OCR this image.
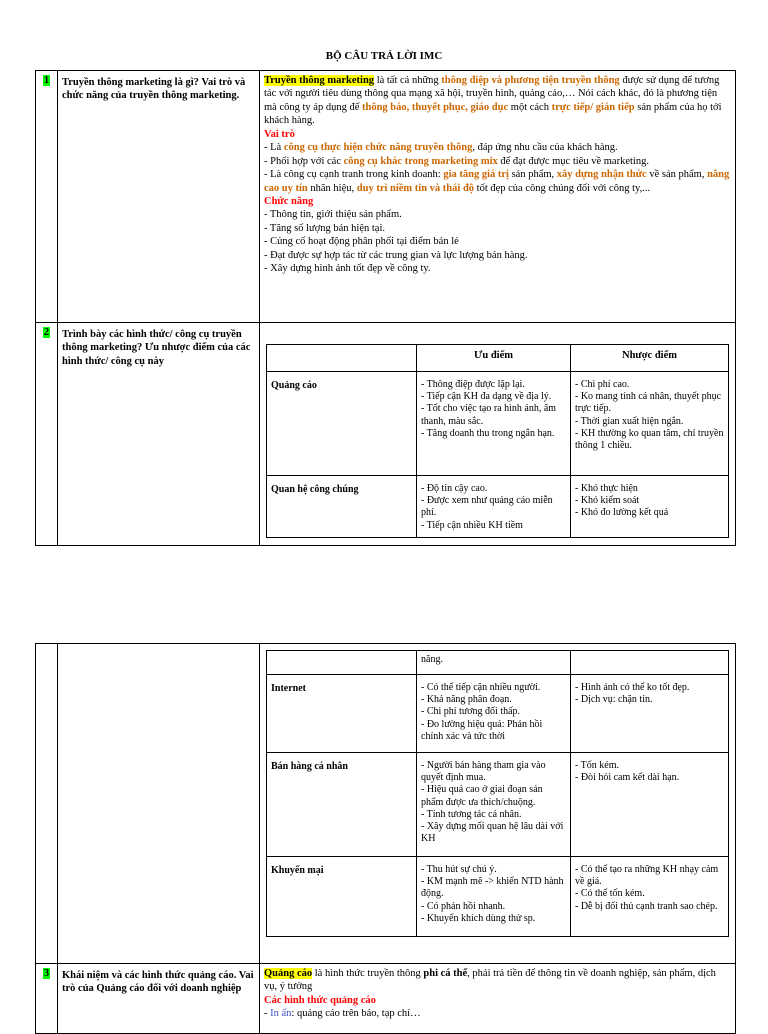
BỘ CÂU TRẢ LỜI IMC
1	Truyền thông marketing là gì? Vai trò và chức năng của truyền thông marketing.	
Truyền thông marketing là tất cả những thông điệp và phương tiện truyền thông được sử dụng để tương tác với người tiêu dùng thông qua mạng xã hội, truyền hình, quảng cáo,… Nói cách khác, đó là phương tiện mà công ty áp dụng để thông báo, thuyết phục, giáo dục một cách trực tiếp/ gián tiếp sản phẩm của họ tới khách hàng.
Vai trò
- Là công cụ thực hiện chức năng truyền thông, đáp ứng nhu cầu của khách hàng.
- Phối hợp với các công cụ khác trong marketing mix để đạt được mục tiêu về marketing.
- Là công cụ cạnh tranh trong kinh doanh: gia tăng giá trị sản phẩm, xây dựng nhận thức về sản phẩm, nâng cao uy tín nhãn hiệu, duy trì niềm tin và thái độ tốt đẹp của công chúng đối với công ty,...
Chức năng
- Thông tin, giới thiệu sản phẩm.
- Tăng số lượng bán hiện tại.
- Củng cố hoạt động phân phối tại điểm bán lẻ
- Đạt được sự hợp tác từ các trung gian và lực lượng bán hàng.
- Xây dựng hình ảnh tốt đẹp về công ty.

2	Trình bày các hình thức/ công cụ truyền thông marketing? Ưu nhược điểm của các hình thức/ công cụ này	
	Ưu điểm	Nhược điểm
Quảng cáo	- Thông điệp được lặp lại.
- Tiếp cận KH đa dạng về địa lý.
- Tốt cho việc tạo ra hình ảnh, âm thanh, màu sắc.
- Tăng doanh thu trong ngắn hạn.	- Chi phí cao.
- Ko mang tính cá nhân, thuyết phục trực tiếp.
- Thời gian xuất hiện ngắn.
- KH thường ko quan tâm, chỉ truyền thông 1 chiều.
Quan hệ công chúng	- Độ tin cậy cao.
- Được xem như quảng cáo miễn phí.
- Tiếp cận nhiều KH tiềm	- Khó thực hiện
- Khó kiểm soát
- Khó đo lường kết quả

	năng.	
Internet	- Có thể tiếp cận nhiều người.
- Khả năng phân đoạn.
- Chi phí tương đối thấp.
- Đo lường hiệu quả: Phản hồi chính xác và tức thời	- Hình ảnh có thể ko tốt đẹp.
- Dịch vụ: chặn tin.
Bán hàng cá nhân	- Người bán hàng tham gia vào quyết định mua.
- Hiệu quả cao ở giai đoạn sản phẩm được ưa thích/chuộng.
- Tính tương tác cá nhân.
- Xây dựng mối quan hệ lâu dài với KH	- Tốn kém.
- Đòi hỏi cam kết dài hạn.
Khuyến mại	- Thu hút sự chú ý.
- KM mạnh mẽ -> khiến NTD hành động.
- Có phản hồi nhanh.
- Khuyến khích dùng thử sp.	- Có thể tạo ra những KH nhạy cảm về giá.
- Có thể tốn kém.
- Dễ bị đối thủ cạnh tranh sao chép.

3	Khái niệm và các hình thức quảng cáo. Vai trò của Quảng cáo đối với doanh nghiệp	
Quảng cáo là hình thức truyền thông phi cá thể, phải trả tiền để thông tin về doanh nghiệp, sản phẩm, dịch vụ, ý tưởng
Các hình thức quảng cáo
- In ấn: quảng cáo trên báo, tạp chí…
